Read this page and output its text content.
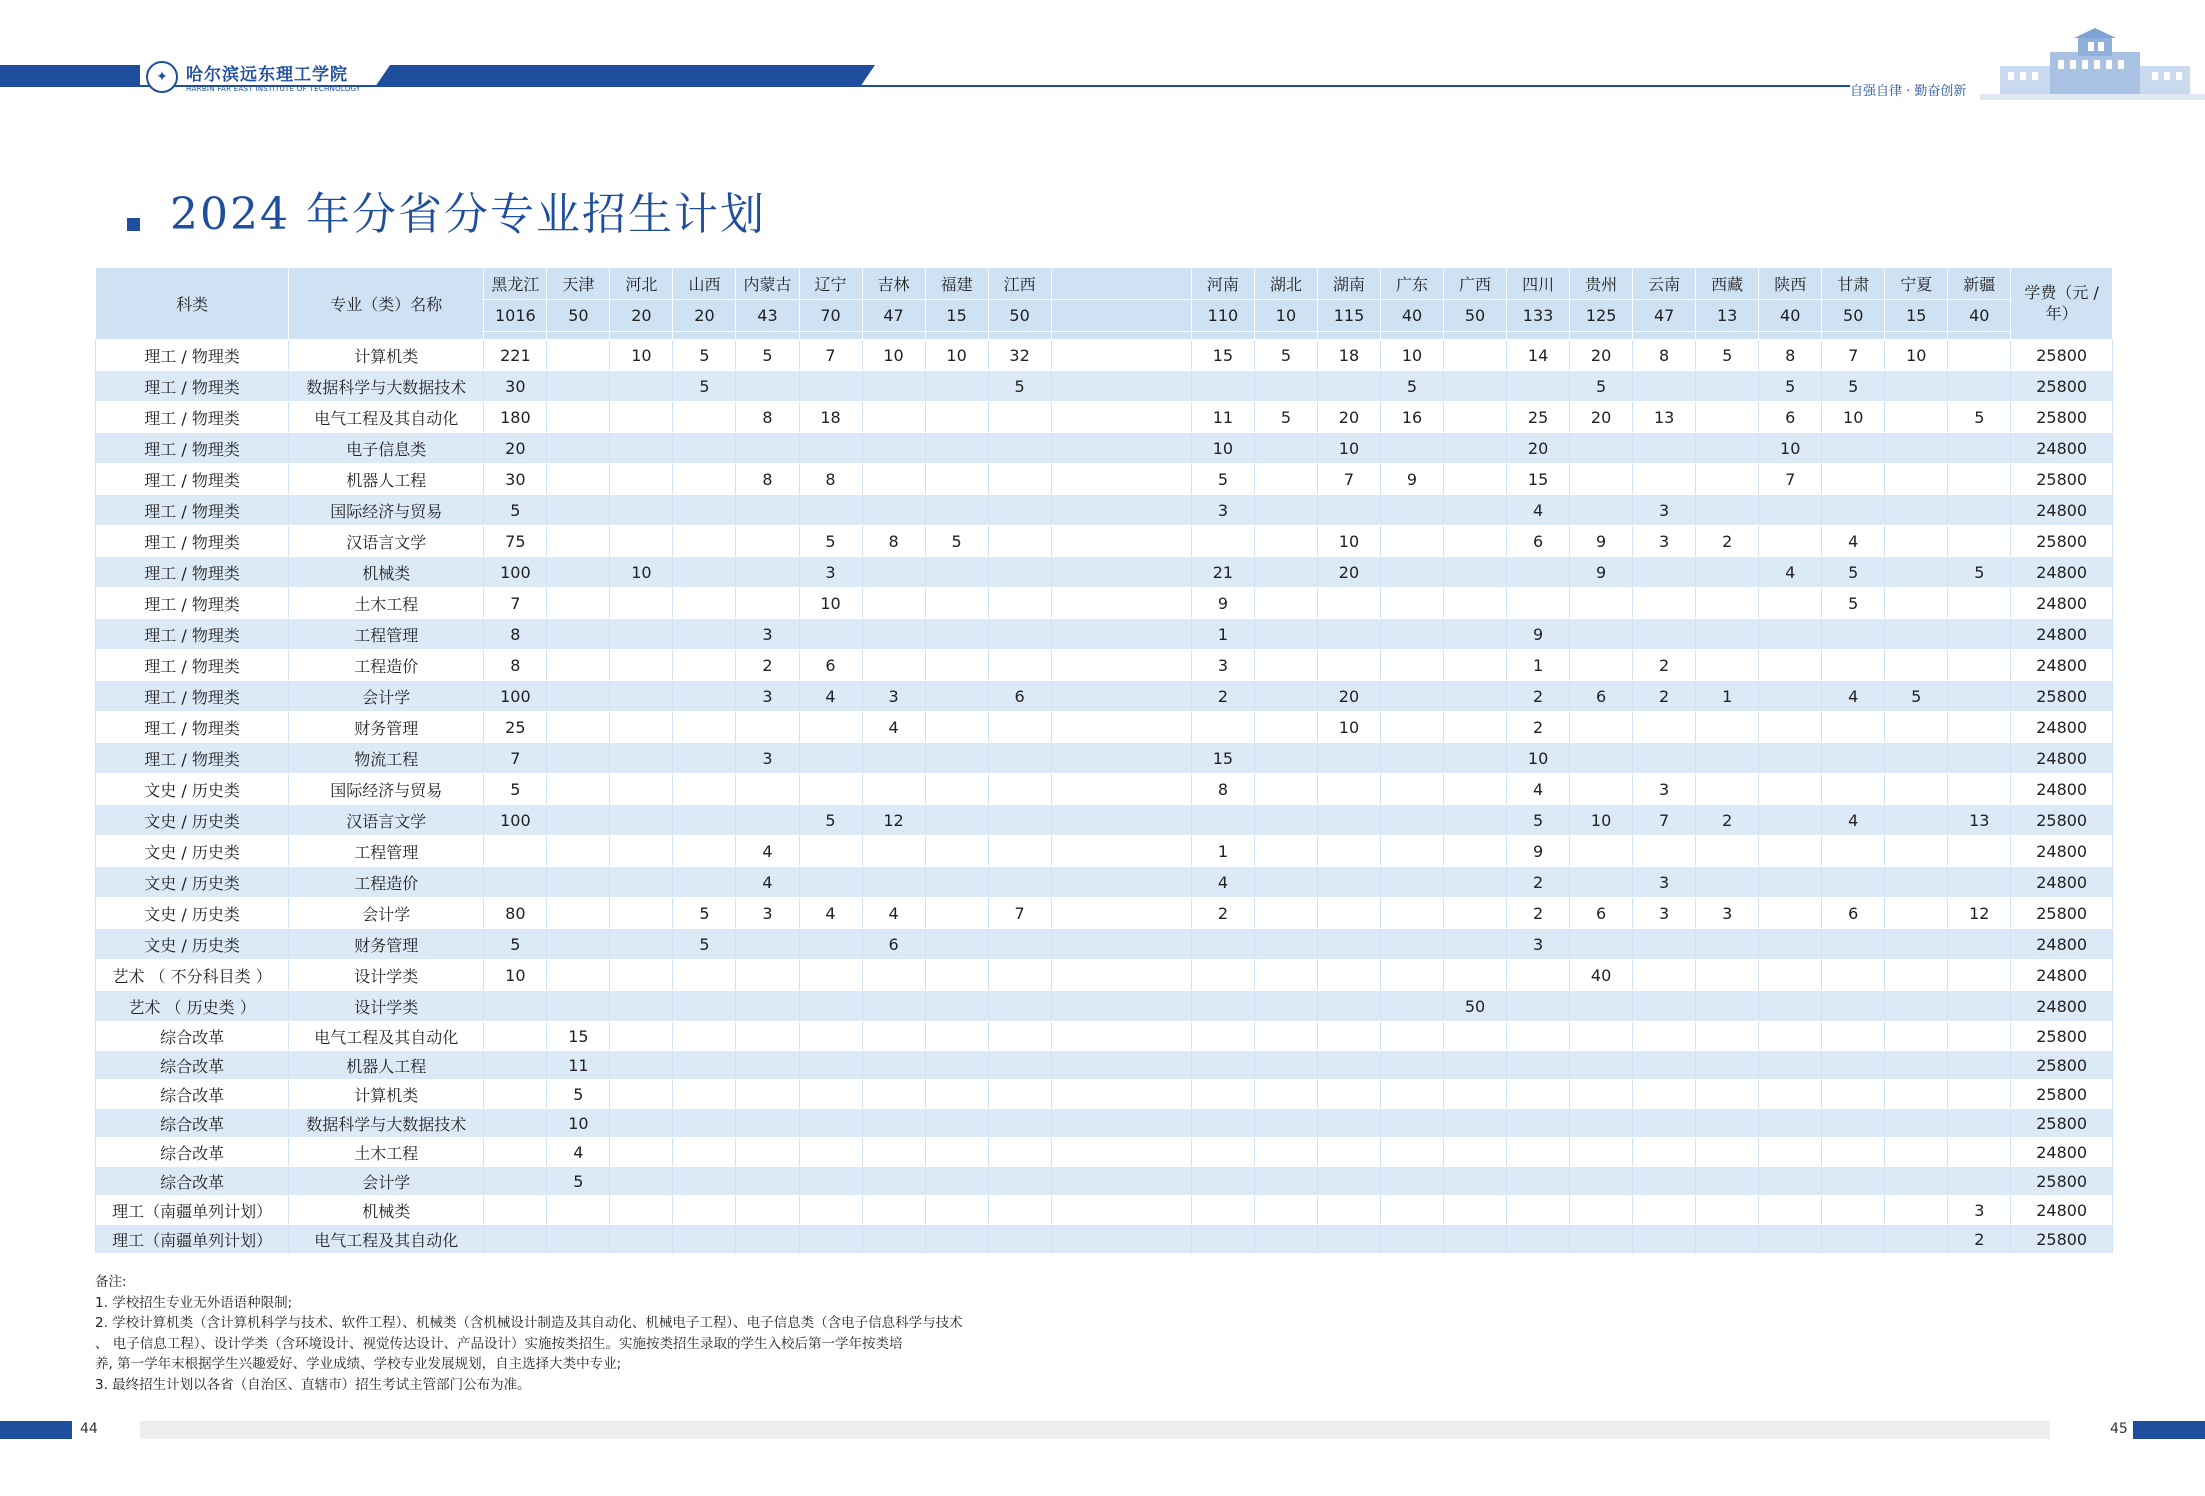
✦	哈尔滨远东理工学院
HARBIN FAR EAST INSTITUTE OF TECHNOLOGY	自强自律 · 勤奋创新
2024 年分省分专业招生计划
科类	专业（类）名称	黑龙江	天津	河北	山西	内蒙古	辽宁	吉林	福建	江西		河南	湖北	湖南	广东	广西	四川	贵州	云南	西藏	陕西	甘肃	宁夏	新疆	学费（元 / 年）
		1016	50	20	20	43	70	47	15	50		110	10	115	40	50	133	125	47	13	40	50	15	40	

理工 / 物理类	计算机类	221		10	5	5	7	10	10	32		15	5	18	10		14	20	8	5	8	7	10		25800
理工 / 物理类	数据科学与大数据技术	30			5					5					5			5			5	5			25800
理工 / 物理类	电气工程及其自动化	180				8	18					11	5	20	16		25	20	13		6	10		5	25800
理工 / 物理类	电子信息类	20										10		10			20				10				24800
理工 / 物理类	机器人工程	30				8	8					5		7	9		15				7				25800
理工 / 物理类	国际经济与贸易	5										3					4		3						24800
理工 / 物理类	汉语言文学	75					5	8	5					10			6	9	3	2		4			25800
理工 / 物理类	机械类	100		10			3					21		20				9			4	5		5	24800
理工 / 物理类	土木工程	7					10					9										5			24800
理工 / 物理类	工程管理	8				3						1					9								24800
理工 / 物理类	工程造价	8				2	6					3					1		2						24800
理工 / 物理类	会计学	100				3	4	3		6		2		20			2	6	2	1		4	5		25800
理工 / 物理类	财务管理	25						4						10			2								24800
理工 / 物理类	物流工程	7				3						15					10								24800
文史 / 历史类	国际经济与贸易	5										8					4		3						24800
文史 / 历史类	汉语言文学	100					5	12									5	10	7	2		4		13	25800
文史 / 历史类	工程管理					4						1					9								24800
文史 / 历史类	工程造价					4						4					2		3						24800
文史 / 历史类	会计学	80			5	3	4	4		7		2					2	6	3	3		6		12	25800
文史 / 历史类	财务管理	5			5			6									3								24800
艺术 （ 不分科目类 ）	设计学类	10																40							24800
艺术 （ 历史类 ）	设计学类															50									24800
综合改革	电气工程及其自动化		15																						25800
综合改革	机器人工程		11																						25800
综合改革	计算机类		5																						25800
综合改革	数据科学与大数据技术		10																						25800
综合改革	土木工程		4																						24800
综合改革	会计学		5																						25800
理工（南疆单列计划）	机械类																							3	24800
理工（南疆单列计划）	电气工程及其自动化																							2	25800
备注:
1. 学校招生专业无外语语种限制;
2. 学校计算机类（含计算机科学与技术、软件工程）、机械类（含机械设计制造及其自动化、机械电子工程）、电子信息类（含电子信息科学与技术
、 电子信息工程）、设计学类（含环境设计、视觉传达设计、产品设计）实施按类招生。实施按类招生录取的学生入校后第一学年按类培
养, 第一学年末根据学生兴趣爱好、学业成绩、学校专业发展规划，自主选择大类中专业;
3. 最终招生计划以各省（自治区、直辖市）招生考试主管部门公布为准。
44	45
